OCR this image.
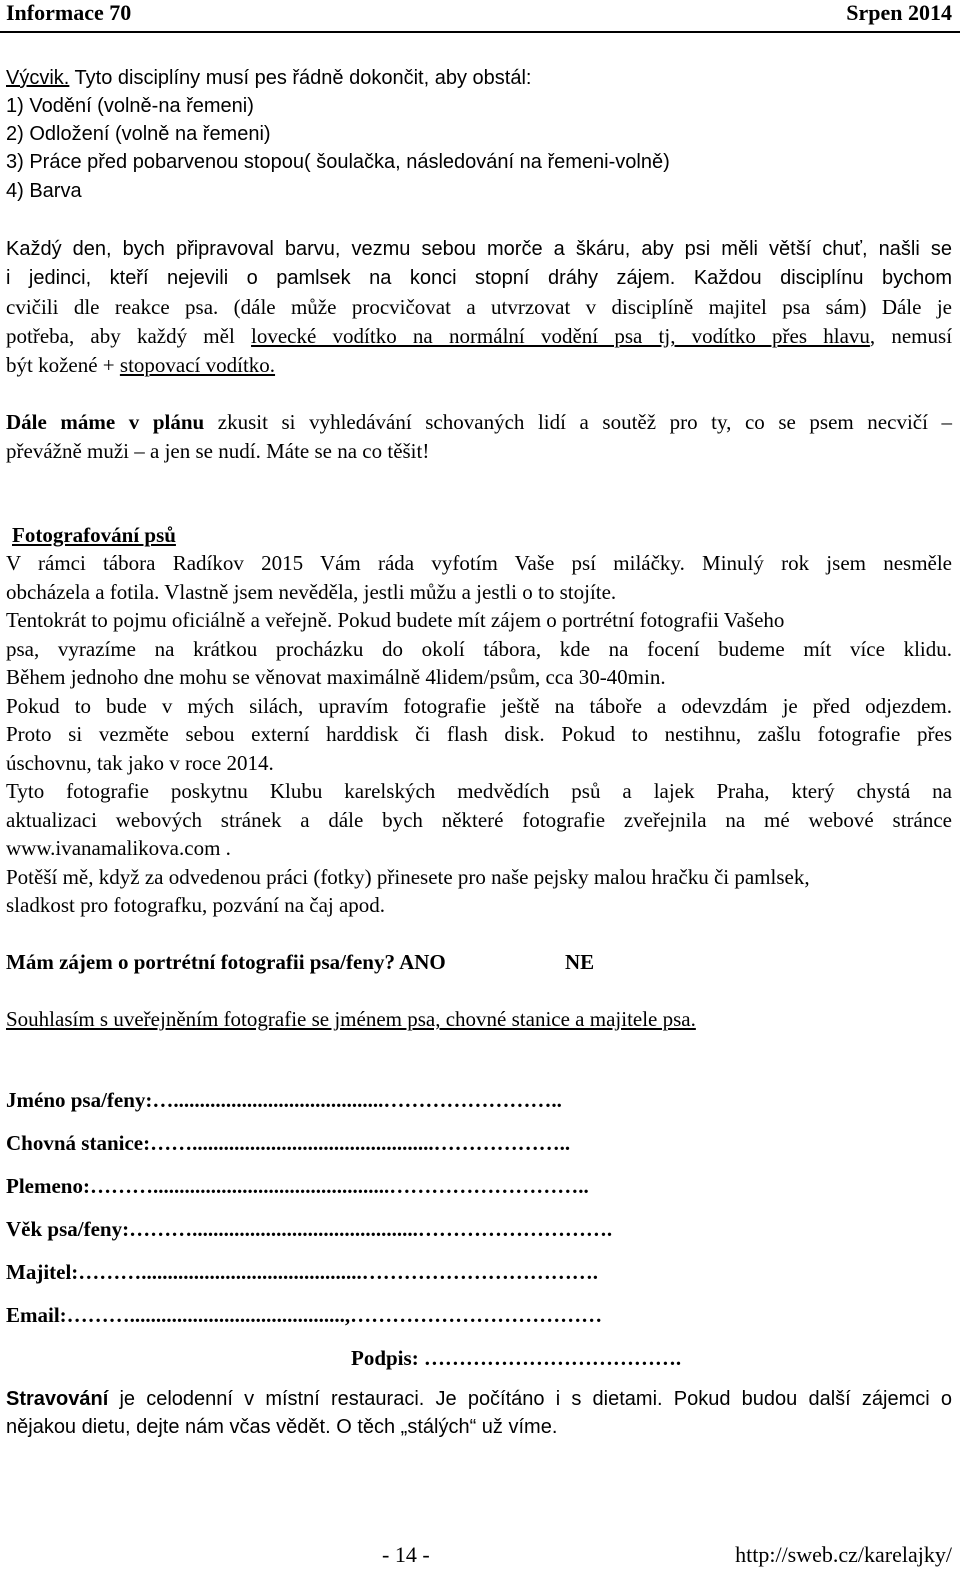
Informace 70	Srpen 2014

Výcvik. Tyto disciplíny musí pes řádně dokončit, aby obstál:

1) Vodění (volně-na řemeni)

2) Odložení (volně na řemeni)

3) Práce před pobarvenou stopou( šoulačka, následování na řemeni-volně)

4) Barva

Každý den, bych připravoval barvu, vezmu sebou morče a škáru, aby psi měli větší chuť, našli se

i jedinci, kteří nejevili o pamlsek na konci stopní dráhy zájem. Každou disciplínu bychom

cvičili dle reakce psa. (dále může procvičovat a utvrzovat v disciplíně majitel psa sám) Dále je

potřeba, aby každý měl lovecké vodítko na normální vodění psa tj, vodítko přes hlavu, nemusí

být kožené + stopovací vodítko.

Dále máme v plánu zkusit si vyhledávání schovaných lidí a soutěž pro ty, co se psem necvičí –

převážně muži – a jen se nudí. Máte se na co těšit!

Fotografování psů

V rámci tábora Radíkov 2015 Vám ráda vyfotím Vaše psí miláčky. Minulý rok jsem nesměle

obcházela a fotila. Vlastně jsem nevěděla, jestli můžu a jestli o to stojíte.

Tentokrát to pojmu oficiálně a veřejně. Pokud budete mít zájem o portrétní fotografii Vašeho

psa, vyrazíme na krátkou procházku do okolí tábora, kde na focení budeme mít více klidu.

Během jednoho dne mohu se věnovat maximálně 4lidem/psům, cca 30-40min.

Pokud to bude v mých silách, upravím fotografie ještě na táboře a odevzdám je před odjezdem.

Proto si vezměte sebou externí harddisk či flash disk. Pokud to nestihnu, zašlu fotografie přes

úschovnu, tak jako v roce 2014.

Tyto fotografie poskytnu Klubu karelských medvědích psů a lajek Praha, který chystá na

aktualizaci webových stránek a dále bych některé fotografie zveřejnila na mé webové stránce

www.ivanamalikova.com .

Potěší mě, když za odvedenou práci (fotky) přinesete pro naše pejsky malou hračku či pamlsek,

sladkost pro fotografku, pozvání na čaj apod.

Mám zájem o portrétní fotografii psa/feny? ANO	NE

Souhlasím s uveřejněním fotografie se jménem psa, chovné stanice a majitele psa.

Jméno psa/feny:…........................................……………………..

Chovná stanice:……..............................................………………..

Plemeno:……….............................................………………………..

Věk psa/feny:………...........................................……………………….

Majitel:………..........................................…………………………….

Email:……….........................................,………………………………

Podpis: ……………………………….

Stravování je celodenní v místní restauraci. Je počítáno i s dietami. Pokud budou další zájemci o

nějakou dietu, dejte nám včas vědět. O těch „stálých“ už víme.

- 14 -	http://sweb.cz/karelajky/
